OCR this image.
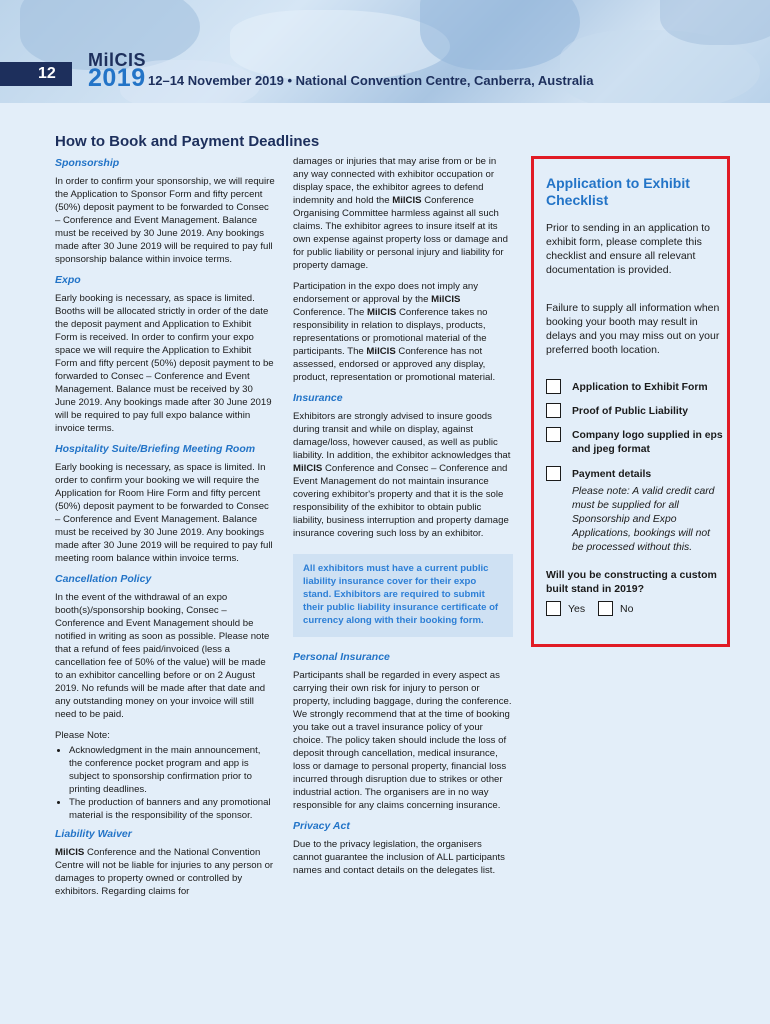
12
MilCIS
2019 12–14 November 2019 • National Convention Centre, Canberra, Australia
How to Book and Payment Deadlines
Sponsorship

In order to confirm your sponsorship, we will require the Application to Sponsor Form and fifty percent (50%) deposit payment to be forwarded to Consec – Conference and Event Management. Balance must be received by 30 June 2019. Any bookings made after 30 June 2019 will be required to pay full sponsorship balance within invoice terms.

Expo

Early booking is necessary, as space is limited. Booths will be allocated strictly in order of the date the deposit payment and Application to Exhibit Form is received. In order to confirm your expo space we will require the Application to Exhibit Form and fifty percent (50%) deposit payment to be forwarded to Consec – Conference and Event Management. Balance must be received by 30 June 2019. Any bookings made after 30 June 2019 will be required to pay full expo balance within invoice terms.

Hospitality Suite/Briefing Meeting Room

Early booking is necessary, as space is limited. In order to confirm your booking we will require the Application for Room Hire Form and fifty percent (50%) deposit payment to be forwarded to Consec – Conference and Event Management. Balance must be received by 30 June 2019. Any bookings made after 30 June 2019 will be required to pay full meeting room balance within invoice terms.

Cancellation Policy

In the event of the withdrawal of an expo booth(s)/sponsorship booking, Consec – Conference and Event Management should be notified in writing as soon as possible. Please note that a refund of fees paid/invoiced (less a cancellation fee of 50% of the value) will be made to an exhibitor cancelling before or on 2 August 2019. No refunds will be made after that date and any outstanding money on your invoice will still need to be paid.

Please Note:

• Acknowledgment in the main announcement, the conference pocket program and app is subject to sponsorship confirmation prior to printing deadlines.
• The production of banners and any promotional material is the responsibility of the sponsor.
Liability Waiver

MilCIS Conference and the National Convention Centre will not be liable for injuries to any person or damages to property owned or controlled by exhibitors. Regarding claims for

damages or injuries that may arise from or be in any way connected with exhibitor occupation or display space, the exhibitor agrees to defend indemnity and hold the MilCIS Conference Organising Committee harmless against all such claims. The exhibitor agrees to insure itself at its own expense against property loss or damage and for public liability or personal injury and liability for property damage.

Participation in the expo does not imply any endorsement or approval by the MilCIS Conference. The MilCIS Conference takes no responsibility in relation to displays, products, representations or promotional material of the participants. The MilCIS Conference has not assessed, endorsed or approved any display, product, representation or promotional material.

Insurance

Exhibitors are strongly advised to insure goods during transit and while on display, against damage/loss, however caused, as well as public liability. In addition, the exhibitor acknowledges that MilCIS Conference and Consec – Conference and Event Management do not maintain insurance covering exhibitor's property and that it is the sole responsibility of the exhibitor to obtain public liability, business interruption and property damage insurance covering such loss by an exhibitor.

All exhibitors must have a current public liability insurance cover for their expo stand. Exhibitors are required to submit their public liability insurance certificate of currency along with their booking form.
Personal Insurance

Participants shall be regarded in every aspect as carrying their own risk for injury to person or property, including baggage, during the conference. We strongly recommend that at the time of booking you take out a travel insurance policy of your choice. The policy taken should include the loss of deposit through cancellation, medical insurance, loss or damage to personal property, financial loss incurred through disruption due to strikes or other industrial action. The organisers are in no way responsible for any claims concerning insurance.

Privacy Act

Due to the privacy legislation, the organisers cannot guarantee the inclusion of ALL participants names and contact details on the delegates list.

Application to Exhibit Checklist
Prior to sending in an application to exhibit form, please complete this checklist and ensure all relevant documentation is provided.
Failure to supply all information when booking your booth may result in delays and you may miss out on your preferred booth location.
Application to Exhibit Form
Proof of Public Liability
Company logo supplied in eps and jpeg format
Payment details
Please note: A valid credit card must be supplied for all Sponsorship and Expo Applications, bookings will not be processed without this.
Will you be constructing a custom built stand in 2019?
Yes	No
